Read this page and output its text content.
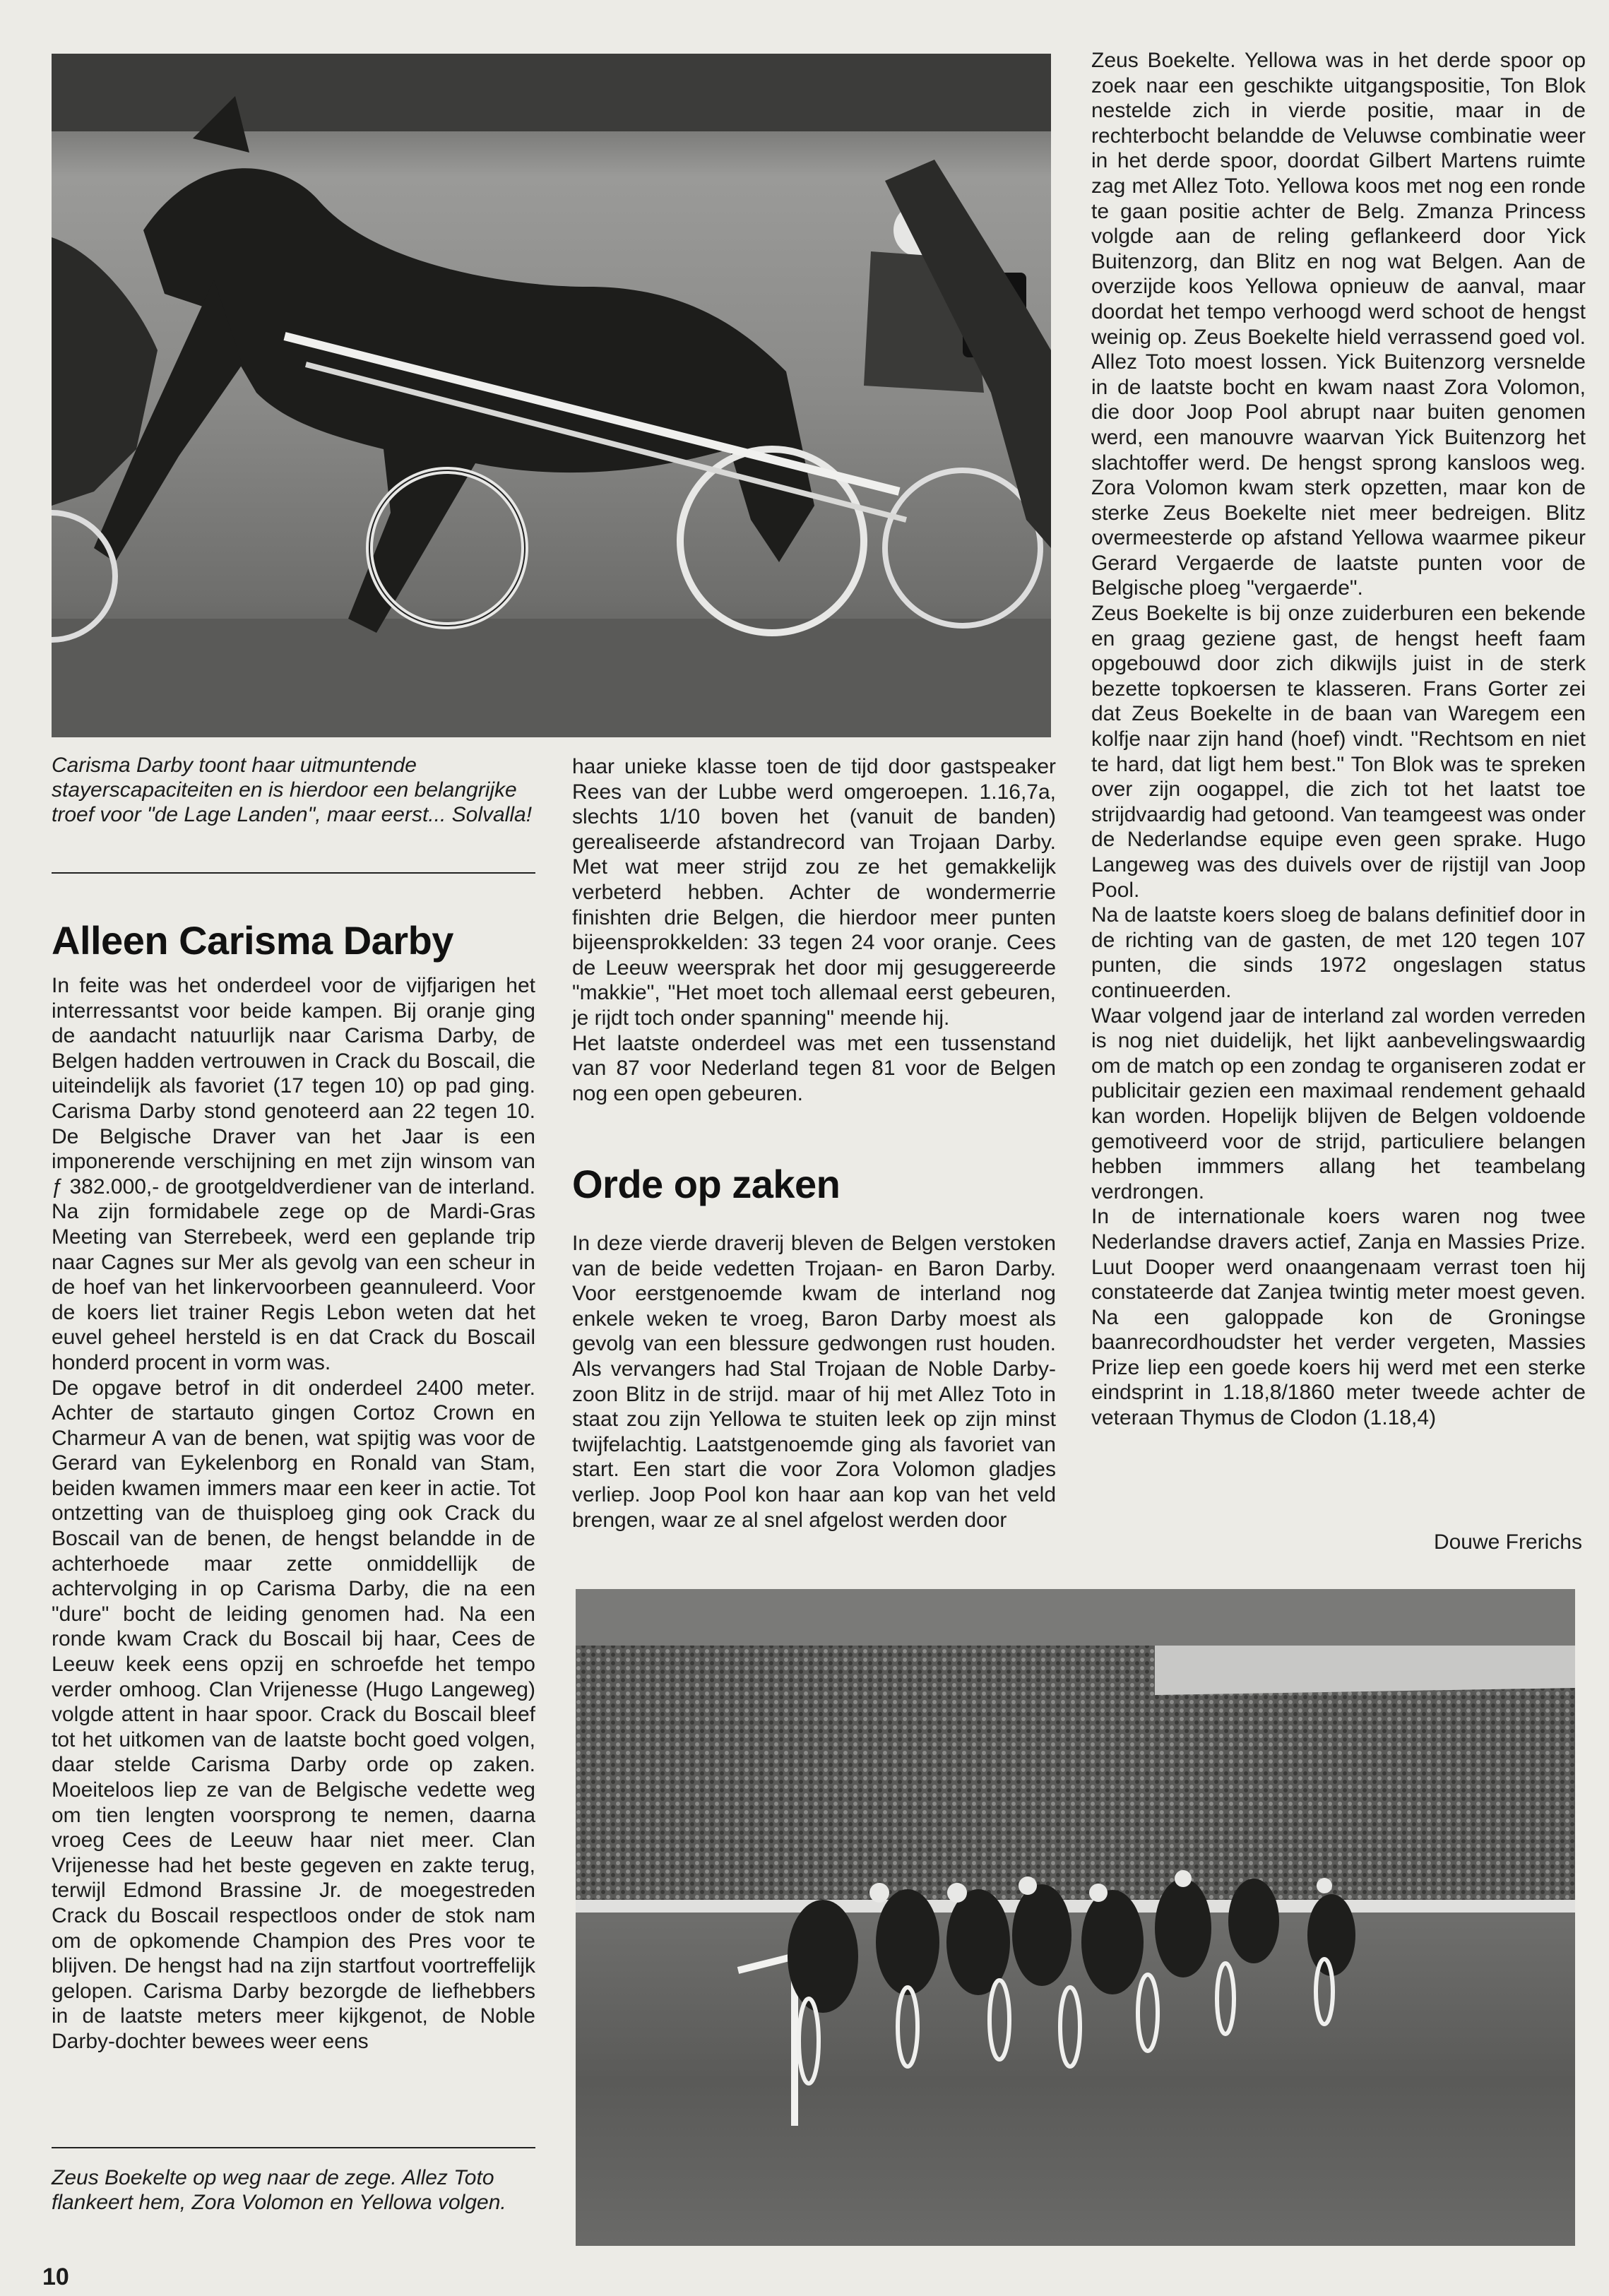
Carisma Darby toont haar uitmuntende stayerscapaciteiten en is hierdoor een belangrijke troef voor "de Lage Landen", maar eerst... Solvalla!

Alleen Carisma Darby

In feite was het onderdeel voor de vijfjarigen het interressantst voor beide kampen. Bij oranje ging de aandacht natuurlijk naar Carisma Darby, de Belgen hadden vertrouwen in Crack du Boscail, die uiteindelijk als favoriet (17 tegen 10) op pad ging. Carisma Darby stond genoteerd aan 22 tegen 10. De Belgische Draver van het Jaar is een imponerende verschijning en met zijn winsom van ƒ 382.000,- de grootgeldverdiener van de interland. Na zijn formidabele zege op de Mardi-Gras Meeting van Sterrebeek, werd een geplande trip naar Cagnes sur Mer als gevolg van een scheur in de hoef van het linkervoorbeen geannuleerd. Voor de koers liet trainer Regis Lebon weten dat het euvel geheel hersteld is en dat Crack du Boscail honderd procent in vorm was.

De opgave betrof in dit onderdeel 2400 meter. Achter de startauto gingen Cortoz Crown en Charmeur A van de benen, wat spijtig was voor de Gerard van Eykelenborg en Ronald van Stam, beiden kwamen immers maar een keer in actie. Tot ontzetting van de thuisploeg ging ook Crack du Boscail van de benen, de hengst belandde in de achterhoede maar zette onmiddellijk de achtervolging in op Carisma Darby, die na een "dure" bocht de leiding genomen had. Na een ronde kwam Crack du Boscail bij haar, Cees de Leeuw keek eens opzij en schroefde het tempo verder omhoog. Clan Vrijenesse (Hugo Langeweg) volgde attent in haar spoor. Crack du Boscail bleef tot het uitkomen van de laatste bocht goed volgen, daar stelde Carisma Darby orde op zaken. Moeiteloos liep ze van de Belgische vedette weg om tien lengten voorsprong te nemen, daarna vroeg Cees de Leeuw haar niet meer. Clan Vrijenesse had het beste gegeven en zakte terug, terwijl Edmond Brassine Jr. de moegestreden Crack du Boscail respectloos onder de stok nam om de opkomende Champion des Pres voor te blijven. De hengst had na zijn startfout voortreffelijk gelopen. Carisma Darby bezorgde de liefhebbers in de laatste meters meer kijkgenot, de Noble Darby-dochter bewees weer eens

Zeus Boekelte op weg naar de zege. Allez Toto flankeert hem, Zora Volomon en Yellowa volgen.

10

haar unieke klasse toen de tijd door gastspeaker Rees van der Lubbe werd omgeroepen. 1.16,7a, slechts 1/10 boven het (vanuit de banden) gerealiseerde afstandrecord van Trojaan Darby. Met wat meer strijd zou ze het gemakkelijk verbeterd hebben. Achter de wondermerrie finishten drie Belgen, die hierdoor meer punten bijeensprokkelden: 33 tegen 24 voor oranje. Cees de Leeuw weersprak het door mij gesuggereerde "makkie", "Het moet toch allemaal eerst gebeuren, je rijdt toch onder spanning" meende hij.

Het laatste onderdeel was met een tussenstand van 87 voor Nederland tegen 81 voor de Belgen nog een open gebeuren.

Orde op zaken

In deze vierde draverij bleven de Belgen verstoken van de beide vedetten Trojaan- en Baron Darby. Voor eerstgenoemde kwam de interland nog enkele weken te vroeg, Baron Darby moest als gevolg van een blessure gedwongen rust houden. Als vervangers had Stal Trojaan de Noble Darby-zoon Blitz in de strijd. maar of hij met Allez Toto in staat zou zijn Yellowa te stuiten leek op zijn minst twijfelachtig. Laatstgenoemde ging als favoriet van start. Een start die voor Zora Volomon gladjes verliep. Joop Pool kon haar aan kop van het veld brengen, waar ze al snel afgelost werden door

Zeus Boekelte. Yellowa was in het derde spoor op zoek naar een geschikte uitgangspositie, Ton Blok nestelde zich in vierde positie, maar in de rechterbocht belandde de Veluwse combinatie weer in het derde spoor, doordat Gilbert Martens ruimte zag met Allez Toto. Yellowa koos met nog een ronde te gaan positie achter de Belg. Zmanza Princess volgde aan de reling geflankeerd door Yick Buitenzorg, dan Blitz en nog wat Belgen. Aan de overzijde koos Yellowa opnieuw de aanval, maar doordat het tempo verhoogd werd schoot de hengst weinig op. Zeus Boekelte hield verrassend goed vol. Allez Toto moest lossen. Yick Buitenzorg versnelde in de laatste bocht en kwam naast Zora Volomon, die door Joop Pool abrupt naar buiten genomen werd, een manouvre waarvan Yick Buitenzorg het slachtoffer werd. De hengst sprong kansloos weg. Zora Volomon kwam sterk opzetten, maar kon de sterke Zeus Boekelte niet meer bedreigen. Blitz overmeesterde op afstand Yellowa waarmee pikeur Gerard Vergaerde de laatste punten voor de Belgische ploeg "vergaerde".

Zeus Boekelte is bij onze zuiderburen een bekende en graag geziene gast, de hengst heeft faam opgebouwd door zich dikwijls juist in de sterk bezette topkoersen te klasseren. Frans Gorter zei dat Zeus Boekelte in de baan van Waregem een kolfje naar zijn hand (hoef) vindt. "Rechtsom en niet te hard, dat ligt hem best." Ton Blok was te spreken over zijn oogappel, die zich tot het laatst toe strijdvaardig had getoond. Van teamgeest was onder de Nederlandse equipe even geen sprake. Hugo Langeweg was des duivels over de rijstijl van Joop Pool.

Na de laatste koers sloeg de balans definitief door in de richting van de gasten, de met 120 tegen 107 punten, die sinds 1972 ongeslagen status continueerden.

Waar volgend jaar de interland zal worden verreden is nog niet duidelijk, het lijkt aanbevelingswaardig om de match op een zondag te organiseren zodat er publicitair gezien een maximaal rendement gehaald kan worden. Hopelijk blijven de Belgen voldoende gemotiveerd voor de strijd, particuliere belangen hebben immmers allang het teambelang verdrongen.

In de internationale koers waren nog twee Nederlandse dravers actief, Zanja en Massies Prize. Luut Dooper werd onaangenaam verrast toen hij constateerde dat Zanjea twintig meter moest geven. Na een galoppade kon de Groningse baanrecordhoudster het verder vergeten, Massies Prize liep een goede koers hij werd met een sterke eindsprint in 1.18,8/1860 meter tweede achter de veteraan Thymus de Clodon (1.18,4)

Douwe Frerichs
